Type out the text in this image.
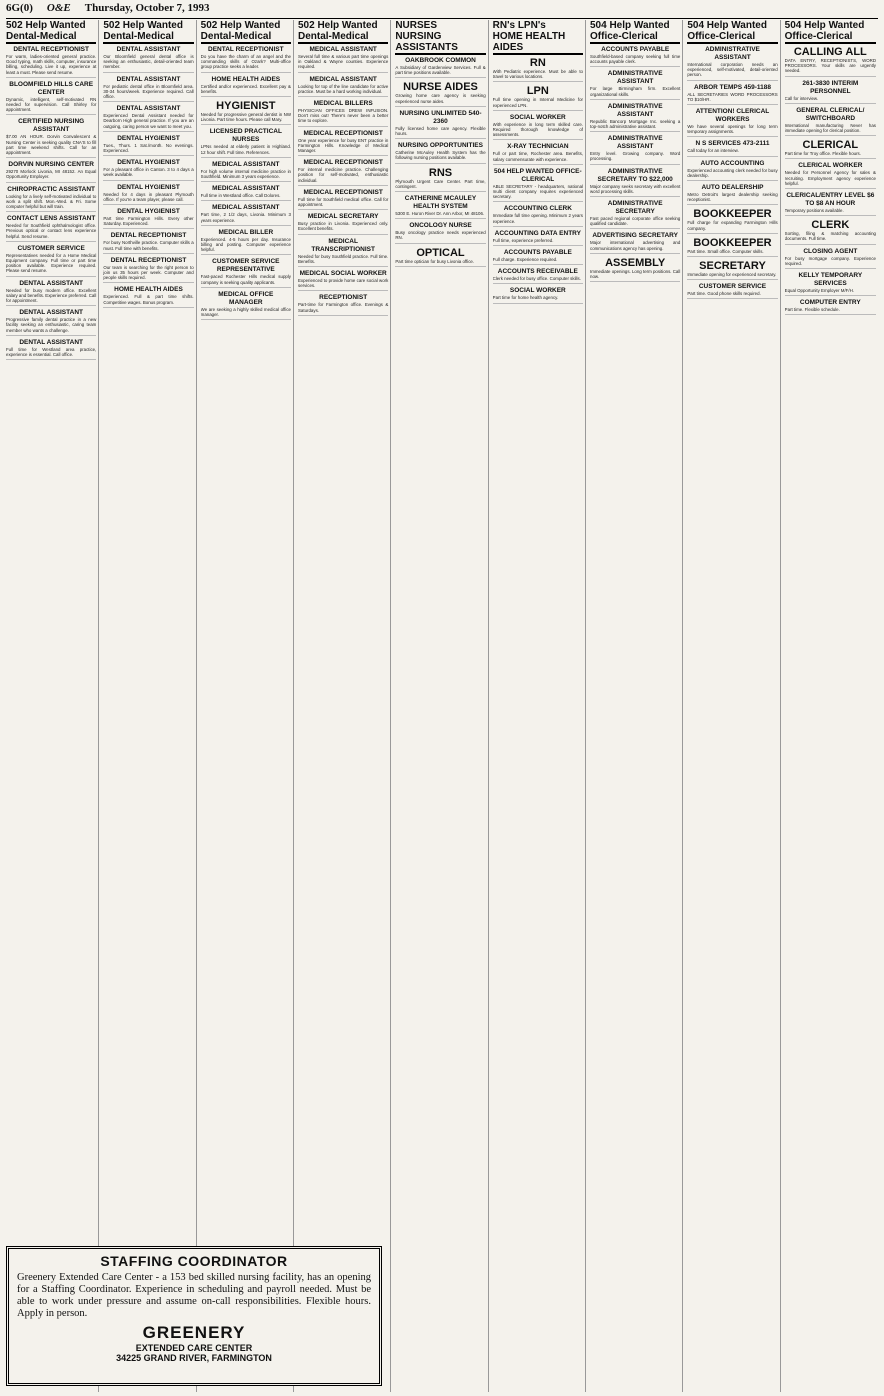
6G(0) O&E Thursday, October 7, 1993
502 Help Wanted
Dental-Medical
DENTAL RECEPTIONIST
For warm, ladies-oriented general practice. Good typing, math skills, computer, insurance billing, scheduling. Live it up, experience at least a must. Please send resume.
BLOOMFIELD HILLS CARE CENTER
Dynamic, intelligent, self-motivated RN needed for supervision. Call Shirley for appointment.
CERTIFIED NURSING ASSISTANT
$7.00 AN HOUR. Dorvin Convalescent & Nursing Center is seeking quality CNA'S to fill part time weekend shifts. Call for an appointment.
DORVIN NURSING CENTER
29270 Morlock Livonia, MI 48152. An Equal Opportunity Employer.
CHIROPRACTIC ASSISTANT
Looking for a lively self-motivated individual to work a split shift. Mon.-Wed. & Fri. Some computer helpful but will train.
CONTACT LENS ASSISTANT
Needed for Southfield ophthalmologist office. Previous optical or contact lens experience helpful. Send resume.
CUSTOMER SERVICE
Representatives needed for a Home Medical Equipment company. Full time or part time position available. Experience required. Please send resume.
DENTAL ASSISTANT
Needed for busy modern office. Excellent salary and benefits. Experience preferred. Call for appointment.
DENTAL ASSISTANT
Progressive family dental practice in a new facility seeking an enthusiastic, caring team member who wants a challenge.
DENTAL ASSISTANT
Full time for Westland area practice, experience is essential. Call office.
502 Help Wanted
Dental-Medical
DENTAL ASSISTANT
Our Bloomfield general dental office is seeking an enthusiastic, detail-oriented team member.
DENTAL ASSISTANT
For pediatric dental office in Bloomfield area. 30-34 hours/week. Experience required. Call office.
DENTAL ASSISTANT
Experienced Dental Assistant needed for Dearborn High general practice. If you are an outgoing, caring person we want to meet you.
DENTAL HYGIENIST
Tues., Thurs. 1 Sat./month. No evenings. Experienced.
DENTAL HYGIENIST
For a pleasant office in Canton. 3 to 4 days a week available.
DENTAL HYGIENIST
Needed for 4 days in pleasant Plymouth office. If you're a team player, please call.
DENTAL HYGIENIST
Part time Farmington Hills. Every other Saturday. Experienced.
DENTAL RECEPTIONIST
For busy Northville practice. Computer skills a must. Full time with benefits.
DENTAL RECEPTIONIST
Our team is searching for the right person to join us 35 hours per week. Computer and people skills required.
HOME HEALTH AIDES
Experienced. Full & part time shifts. Competitive wages. Bonus program.
502 Help Wanted
Dental-Medical
DENTAL RECEPTIONIST
Do you have the charm of an angel and the commanding skills of Ozark? Multi-office group practice seeks a leader.
HOME HEALTH AIDES
Certified and/or experienced. Excellent pay & benefits.
HYGIENIST
Needed for progressive general dentist in NW Livonia. Part time hours. Please call Mary.
LICENSED PRACTICAL NURSES
LPNs needed at elderly patient in Highland. 12 hour shift. Full time. References.
MEDICAL ASSISTANT
For high volume internal medicine practice in Southfield. Minimum 3 years experience.
MEDICAL ASSISTANT
Full time in Westland office. Call Dolores.
MEDICAL ASSISTANT
Part time, 2 1/2 days, Livonia. Minimum 3 years experience.
MEDICAL BILLER
Experienced. 4-5 hours per day. Insurance billing and posting. Computer experience helpful.
CUSTOMER SERVICE REPRESENTATIVE
Fast-paced Rochester Hills medical supply company is seeking quality applicants.
MEDICAL OFFICE MANAGER
We are seeking a highly skilled medical office manager.
502 Help Wanted
Dental-Medical
MEDICAL ASSISTANT
Several full time & various part time openings in Oakland & Wayne counties. Experience required.
MEDICAL ASSISTANT
Looking for top of the line candidate for active practice. Must be a hard working individual.
MEDICAL BILLERS
PHYSICIAN OFFICES DREW INFUSION. Don't miss out! There's never been a better time to explore.
MEDICAL RECEPTIONIST
One year experience for busy ENT practice in Farmington Hills. Knowledge of Medical Manager.
MEDICAL RECEPTIONIST
For internal medicine practice. Challenging position for self-motivated, enthusiastic individual.
MEDICAL RECEPTIONIST
Full time for Southfield medical office. Call for appointment.
MEDICAL SECRETARY
Busy practice in Livonia. Experienced only. Excellent benefits.
MEDICAL TRANSCRIPTIONIST
Needed for busy Southfield practice. Full time. Benefits.
MEDICAL SOCIAL WORKER
Experienced to provide home care social work services.
RECEPTIONIST
Part-time for Farmington office. Evenings & Saturdays.
NURSES
NURSING ASSISTANTS
OAKBROOK COMMON
A Subsidiary of Gardenview Services. Full & part time positions available.
NURSE AIDES
Growing home care agency is seeking experienced nurse aides.
NURSING UNLIMITED 540-2360
Fully licensed home care agency. Flexible hours.
NURSING OPPORTUNITIES
Catherine McAuley Health System has the following nursing positions available.
RNS
Plymouth Urgent Care Center. Part time, contingent.
CATHERINE MCAULEY HEALTH SYSTEM
5300 E. Huron River Dr. Ann Arbor, MI 48106.
ONCOLOGY NURSE
Busy oncology practice needs experienced RN.
OPTICAL
Part time optician for busy Livonia office.
RN's LPN's
HOME HEALTH AIDES
RN
With Pediatric experience. Must be able to travel to various locations.
LPN
Full time opening in Internal Medicine for experienced LPN.
SOCIAL WORKER
With experience in long term skilled care. Required thorough knowledge of assessments.
X-RAY TECHNICIAN
Full or part time, Rochester area. Benefits, salary commensurate with experience.
504 HELP WANTED OFFICE-CLERICAL
ABLE SECRETARY - headquarters, national multi client company requires experienced secretary.
ACCOUNTING CLERK
Immediate full time opening. Minimum 2 years experience.
ACCOUNTING DATA ENTRY
Full time, experience preferred.
ACCOUNTS PAYABLE
Full charge. Experience required.
ACCOUNTS RECEIVABLE
Clerk needed for busy office. Computer skills.
SOCIAL WORKER
Part time for home health agency.
504 Help Wanted
Office-Clerical
ACCOUNTS PAYABLE
Southfield-based company seeking full time accounts payable clerk.
ADMINISTRATIVE ASSISTANT
For large Birmingham firm. Excellent organizational skills.
ADMINISTRATIVE ASSISTANT
Republic Bancorp Mortgage Inc. seeking a top-notch administrative assistant.
ADMINISTRATIVE ASSISTANT
Entry level. Growing company. Word processing.
ADMINISTRATIVE SECRETARY TO $22,000
Major company seeks secretary with excellent word processing skills.
ADMINISTRATIVE SECRETARY
Fast paced regional corporate office seeking qualified candidate.
ADVERTISING SECRETARY
Major international advertising and communications agency has opening.
ASSEMBLY
Immediate openings. Long term positions. Call now.
504 Help Wanted
Office-Clerical
ADMINISTRATIVE ASSISTANT
International corporation needs an experienced, self-motivated, detail-oriented person.
ARBOR TEMPS 459-1188
ALL SECRETARIES WORD PROCESSORS TO $10/HR.
ATTENTION! CLERICAL WORKERS
We have several openings for long term temporary assignments.
N S SERVICES 473-2111
Call today for an interview.
AUTO ACCOUNTING
Experienced accounting clerk needed for busy dealership.
AUTO DEALERSHIP
Metro Detroit's largest dealership seeking receptionist.
BOOKKEEPER
Full charge for expanding Farmington Hills company.
BOOKKEEPER
Part time. Small office. Computer skills.
SECRETARY
Immediate opening for experienced secretary.
CUSTOMER SERVICE
Part time. Good phone skills required.
504 Help Wanted
Office-Clerical
CALLING ALL
DATA ENTRY, RECEPTIONISTS, WORD PROCESSORS. Your skills are urgently needed.
261-3830 INTERIM PERSONNEL
Call for interview.
GENERAL CLERICAL/ SWITCHBOARD
International manufacturing Never has immediate opening for clerical position.
CLERICAL
Part time for Troy office. Flexible hours.
CLERICAL WORKER
Needed for Personnel Agency for sales & recruiting. Employment agency experience helpful.
CLERICAL/ENTRY LEVEL $6 TO $8 AN HOUR
Temporary positions available.
CLERK
Sorting, filing & matching accounting documents. Full time.
CLOSING AGENT
For busy mortgage company. Experience required.
KELLY TEMPORARY SERVICES
Equal Opportunity Employer M/F/H.
COMPUTER ENTRY
Part time. Flexible schedule.
STAFFING COORDINATOR

Greenery Extended Care Center - a 153 bed skilled nursing facility, has an opening for a Staffing Coordinator. Experience in scheduling and payroll needed. Must be able to work under pressure and assume on-call responsibilities. Flexible hours. Apply in person.

GREENERY
EXTENDED CARE CENTER
34225 GRAND RIVER, FARMINGTON
